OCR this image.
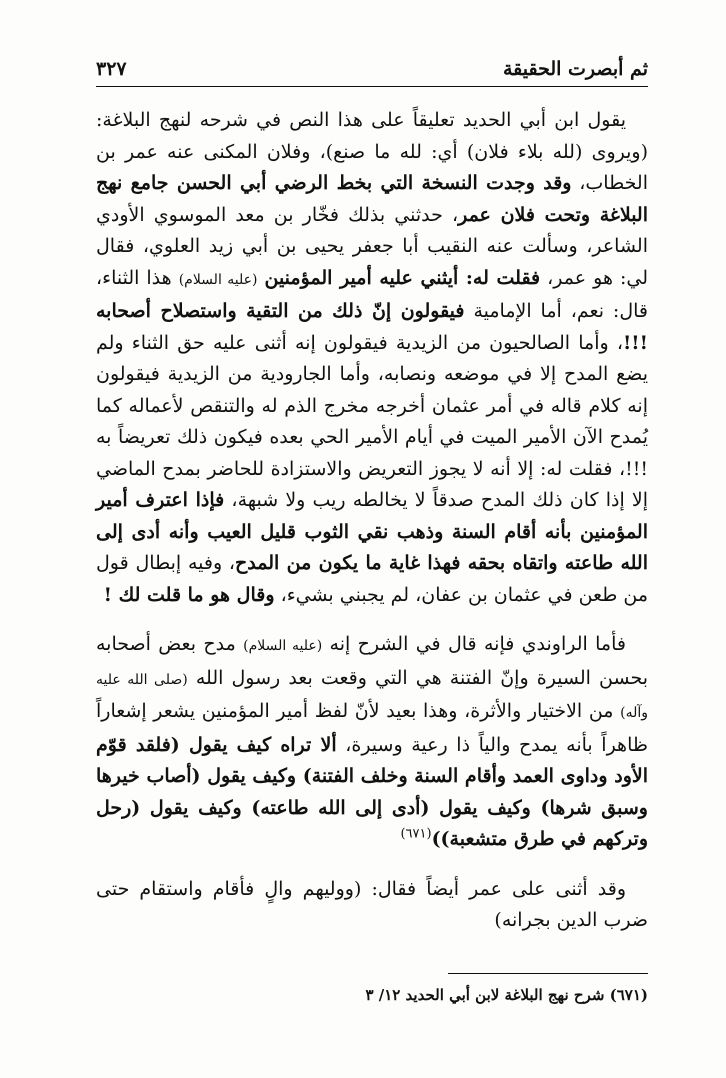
ثم أبصرت الحقيقة
٣٢٧

يقول ابن أبي الحديد تعليقاً على هذا النص في شرحه لنهج البلاغة: (ويروى (لله بلاء فلان) أي: لله ما صنع)، وفلان المكنى عنه عمر بن الخطاب، وقد وجدت النسخة التي بخط الرضي أبي الحسن جامع نهج البلاغة وتحت فلان عمر، حدثني بذلك فخّار بن معد الموسوي الأودي الشاعر، وسألت عنه النقيب أبا جعفر يحيى بن أبي زيد العلوي، فقال لي: هو عمر، فقلت له: أيثني عليه أمير المؤمنين (عليه السلام) هذا الثناء، قال: نعم، أما الإمامية فيقولون إنّ ذلك من التقية واستصلاح أصحابه !!!، وأما الصالحيون من الزيدية فيقولون إنه أثنى عليه حق الثناء ولم يضع المدح إلا في موضعه ونصابه، وأما الجارودية من الزيدية فيقولون إنه كلام قاله في أمر عثمان أخرجه مخرج الذم له والتنقص لأعماله كما يُمدح الآن الأمير الميت في أيام الأمير الحي بعده فيكون ذلك تعريضاً به !!!، فقلت له: إلا أنه لا يجوز التعريض والاستزادة للحاضر بمدح الماضي إلا إذا كان ذلك المدح صدقاً لا يخالطه ريب ولا شبهة، فإذا اعترف أمير المؤمنين بأنه أقام السنة وذهب نقي الثوب قليل العيب وأنه أدى إلى الله طاعته واتقاه بحقه فهذا غاية ما يكون من المدح، وفيه إبطال قول من طعن في عثمان بن عفان، لم يجبني بشيء، وقال هو ما قلت لك !

فأما الراوندي فإنه قال في الشرح إنه (عليه السلام) مدح بعض أصحابه بحسن السيرة وإنّ الفتنة هي التي وقعت بعد رسول الله (صلى الله عليه وآله) من الاختيار والأثرة، وهذا بعيد لأنّ لفظ أمير المؤمنين يشعر إشعاراً ظاهراً بأنه يمدح والياً ذا رعية وسيرة، ألا تراه كيف يقول (فلقد قوّم الأود وداوى العمد وأقام السنة وخلف الفتنة) وكيف يقول (أصاب خيرها وسبق شرها) وكيف يقول (أدى إلى الله طاعته) وكيف يقول (رحل وتركهم في طرق متشعبة))$^{(٦٧١)}$

وقد أثنى على عمر أيضاً فقال: (ووليهم والٍ فأقام واستقام حتى ضرب الدين بجرانه)

(٦٧١) شرح نهج البلاغة لابن أبي الحديد ١٢/ ٣
